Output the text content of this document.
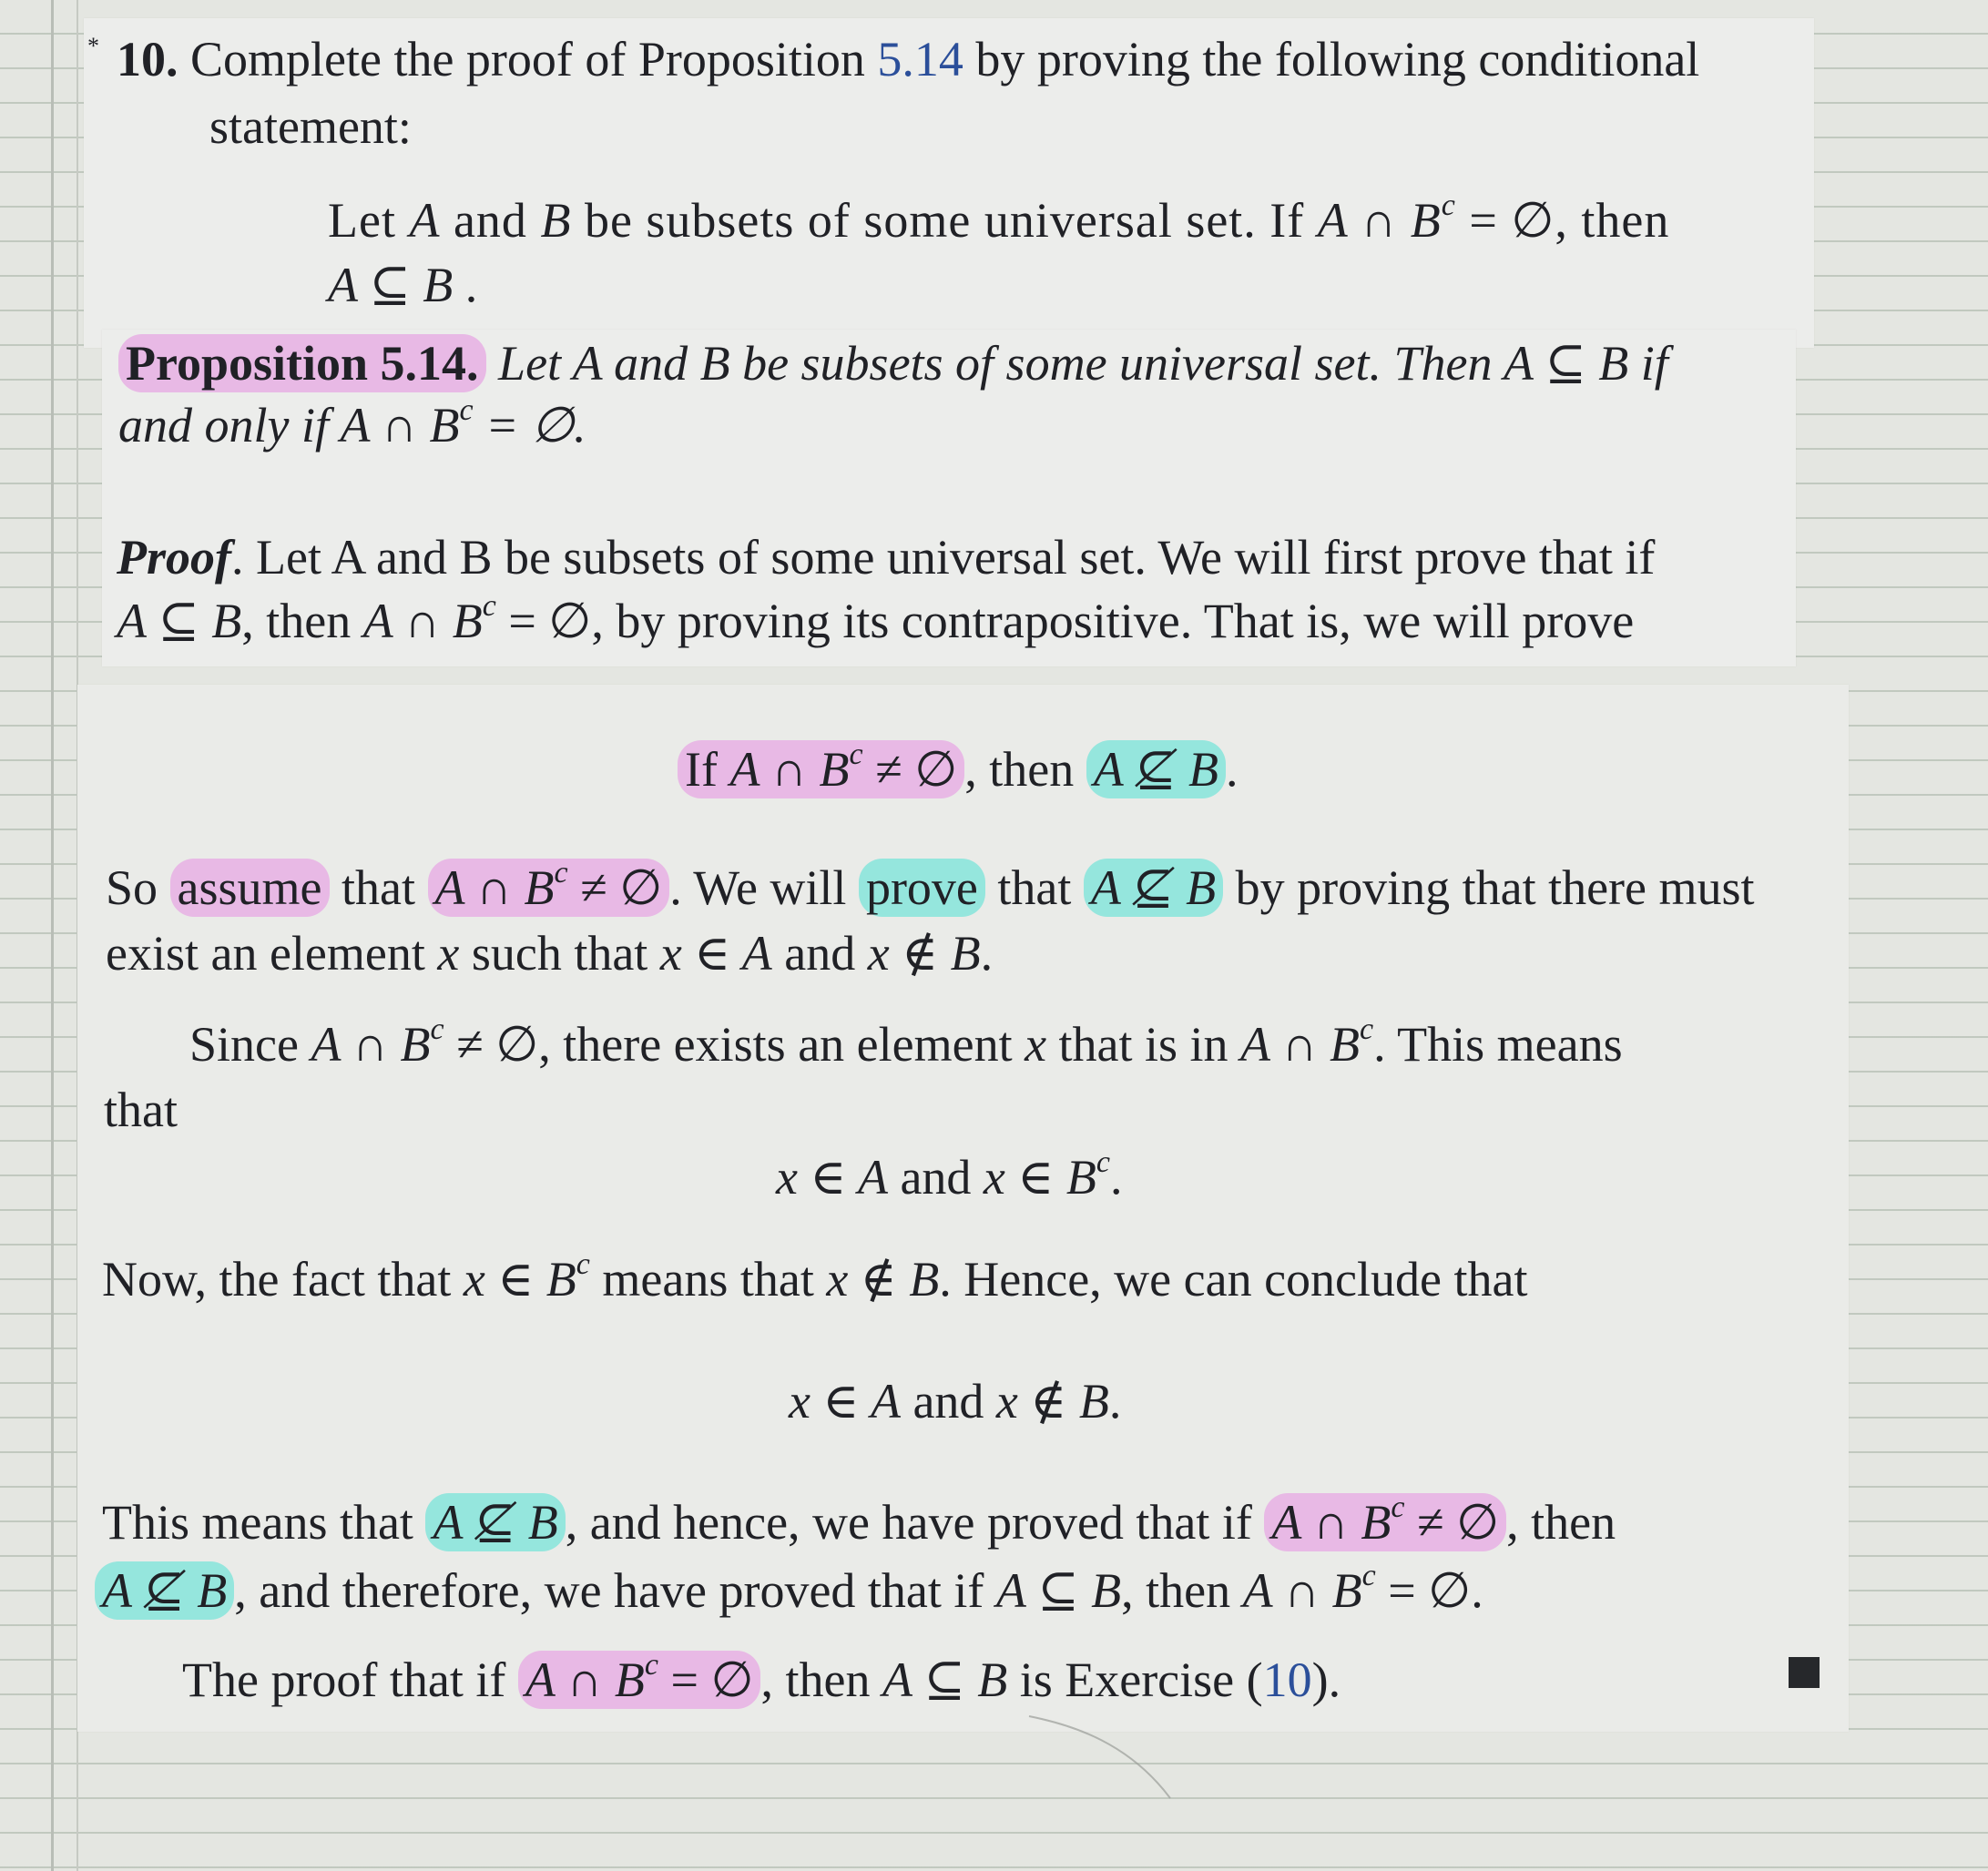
* 10. Complete the proof of Proposition 5.14 by proving the following conditional
statement:
Let A and B be subsets of some universal set. If A ∩ $B^c$ = ∅, then
A ⊆ B .
Proposition 5.14. Let A and B be subsets of some universal set. Then A ⊆ B if
and only if A ∩ $B^c$ = ∅.
Proof. Let A and B be subsets of some universal set. We will first prove that if
A ⊆ B, then A ∩ $B^c$ = ∅, by proving its contrapositive. That is, we will prove
If A ∩ $B^c$ ≠ ∅ , then A ⊈ B .
So assume that A ∩ $B^c$ ≠ ∅ . We will prove that A ⊈ B by proving that there must
exist an element x such that x ∈ A and x ∉ B.
Since A ∩ $B^c$ ≠ ∅, there exists an element x that is in A ∩ $B^c$. This means
that
x ∈ A and x ∈ $B^c$.
Now, the fact that x ∈ $B^c$ means that x ∉ B. Hence, we can conclude that
x ∈ A and x ∉ B.
This means that A ⊈ B , and hence, we have proved that if A ∩ $B^c$ ≠ ∅ , then
A ⊈ B , and therefore, we have proved that if A ⊆ B, then A ∩ $B^c$ = ∅.
The proof that if A ∩ $B^c$ = ∅ , then A ⊆ B is Exercise (10).
